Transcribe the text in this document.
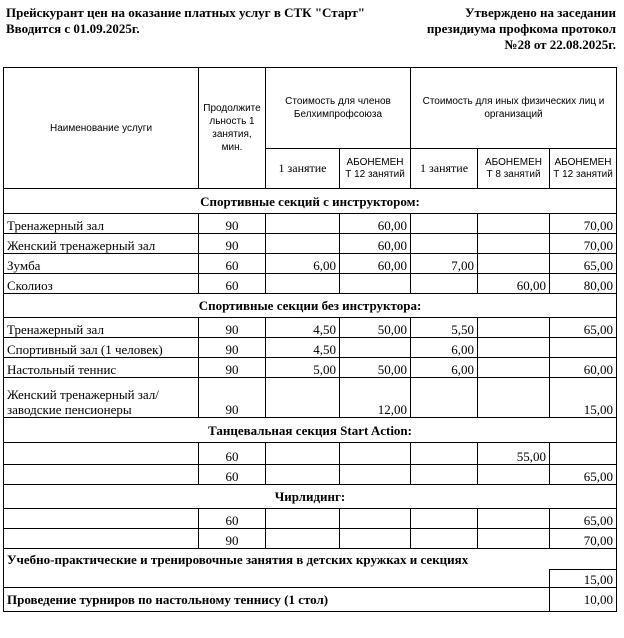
Прейскурант цен на оказание платных услуг в СТК "Старт"
Вводится с 01.09.2025г.
Утверждено на заседании
президиума профкома протокол
№28 от 22.08.2025г.
Наименование услуги	Продолжите льность 1 занятия, мин.	Стоимость для членов Белхимпрофсоюза		Стоимость для иных физических лиц и организаций		
		1 занятие	АБОНЕМЕН Т 12 занятий	1 занятие	АБОНЕМЕН Т 8 занятий	АБОНЕМЕН Т 12 занятий
Спортивные секций с инструктором:						
Тренажерный зал	90		60,00			70,00
Женский тренажерный зал	90		60,00			70,00
Зумба	60	6,00	60,00	7,00		65,00
Сколиоз	60				60,00	80,00
Спортивные секции без инструктора:						
Тренажерный зал	90	4,50	50,00	5,50		65,00
Спортивный зал (1 человек)	90	4,50		6,00		
Настольный теннис	90	5,00	50,00	6,00		60,00
Женский тренажерный зал/заводские пенсионеры	90		12,00			15,00
Танцевальная секция Start Action:						
	60				55,00	
	60					65,00
Чирлидинг:						
	60					65,00
	90					70,00
Учебно-практические и тренировочные занятия в детских кружках и секциях						
						15,00
Проведение турниров по настольному теннису (1 стол)						10,00
